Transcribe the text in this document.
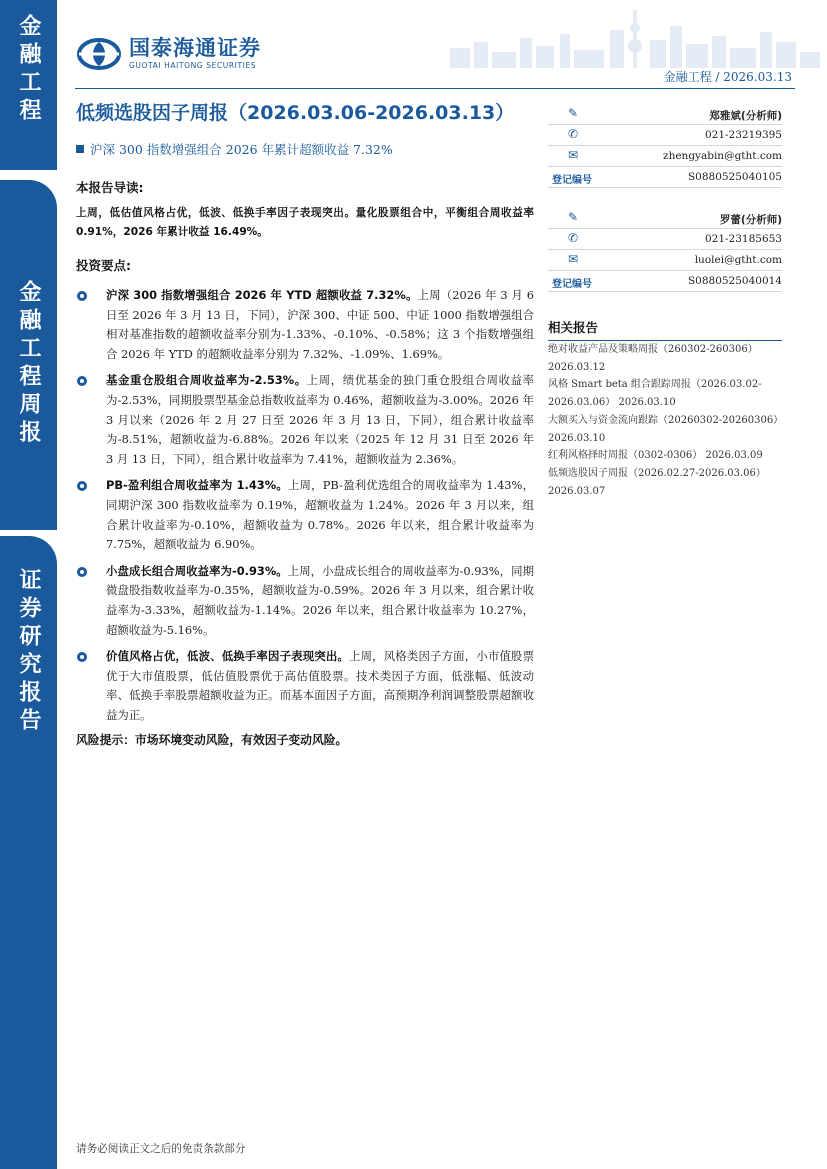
金融工程
金融工程周报
证券研究报告
国泰海通证券
GUOTAI HAITONG SECURITIES
金融工程 / 2026.03.13
低频选股因子周报（2026.03.06-2026.03.13）
沪深 300 指数增强组合 2026 年累计超额收益 7.32%
本报告导读:
上周，低估值风格占优，低波、低换手率因子表现突出。量化股票组合中，平衡组合周收益率 0.91%，2026 年累计收益 16.49%。
投资要点:
沪深 300 指数增强组合 2026 年 YTD 超额收益 7.32%。上周（2026 年 3 月 6 日至 2026 年 3 月 13 日，下同），沪深 300、中证 500、中证 1000 指数增强组合相对基准指数的超额收益率分别为-1.33%、-0.10%、-0.58%；这 3 个指数增强组合 2026 年 YTD 的超额收益率分别为 7.32%、-1.09%、1.69%。
基金重仓股组合周收益率为-2.53%。上周，绩优基金的独门重仓股组合周收益率为-2.53%，同期股票型基金总指数收益率为 0.46%，超额收益为-3.00%。2026 年 3 月以来（2026 年 2 月 27 日至 2026 年 3 月 13 日，下同），组合累计收益率为-8.51%，超额收益为-6.88%。2026 年以来（2025 年 12 月 31 日至 2026 年 3 月 13 日，下同），组合累计收益率为 7.41%，超额收益为 2.36%。
PB-盈利组合周收益率为 1.43%。上周，PB-盈利优选组合的周收益率为 1.43%，同期沪深 300 指数收益率为 0.19%，超额收益为 1.24%。2026 年 3 月以来，组合累计收益率为-0.10%，超额收益为 0.78%。2026 年以来，组合累计收益率为 7.75%，超额收益为 6.90%。
小盘成长组合周收益率为-0.93%。上周，小盘成长组合的周收益率为-0.93%，同期微盘股指数收益率为-0.35%，超额收益为-0.59%。2026 年 3 月以来，组合累计收益率为-3.33%，超额收益为-1.14%。2026 年以来，组合累计收益率为 10.27%，超额收益为-5.16%。
价值风格占优，低波、低换手率因子表现突出。上周，风格类因子方面，小市值股票优于大市值股票，低估值股票优于高估值股票。技术类因子方面，低涨幅、低波动率、低换手率股票超额收益为正。而基本面因子方面，高预期净利润调整股票超额收益为正。
风险提示：市场环境变动风险，有效因子变动风险。
✎	郑雅斌(分析师)
✆	021-23219395
✉	zhengyabin@gtht.com
登记编号	S0880525040105
✎	罗蕾(分析师)
✆	021-23185653
✉	luolei@gtht.com
登记编号	S0880525040014
相关报告
绝对收益产品及策略周报（260302-260306）
2026.03.12
风格 Smart beta 组合跟踪周报（2026.03.02-
2026.03.06） 2026.03.10
大额买入与资金流向跟踪（20260302-20260306）
2026.03.10
红利风格择时周报（0302-0306） 2026.03.09
低频选股因子周报（2026.02.27-2026.03.06）
2026.03.07
请务必阅读正文之后的免责条款部分
